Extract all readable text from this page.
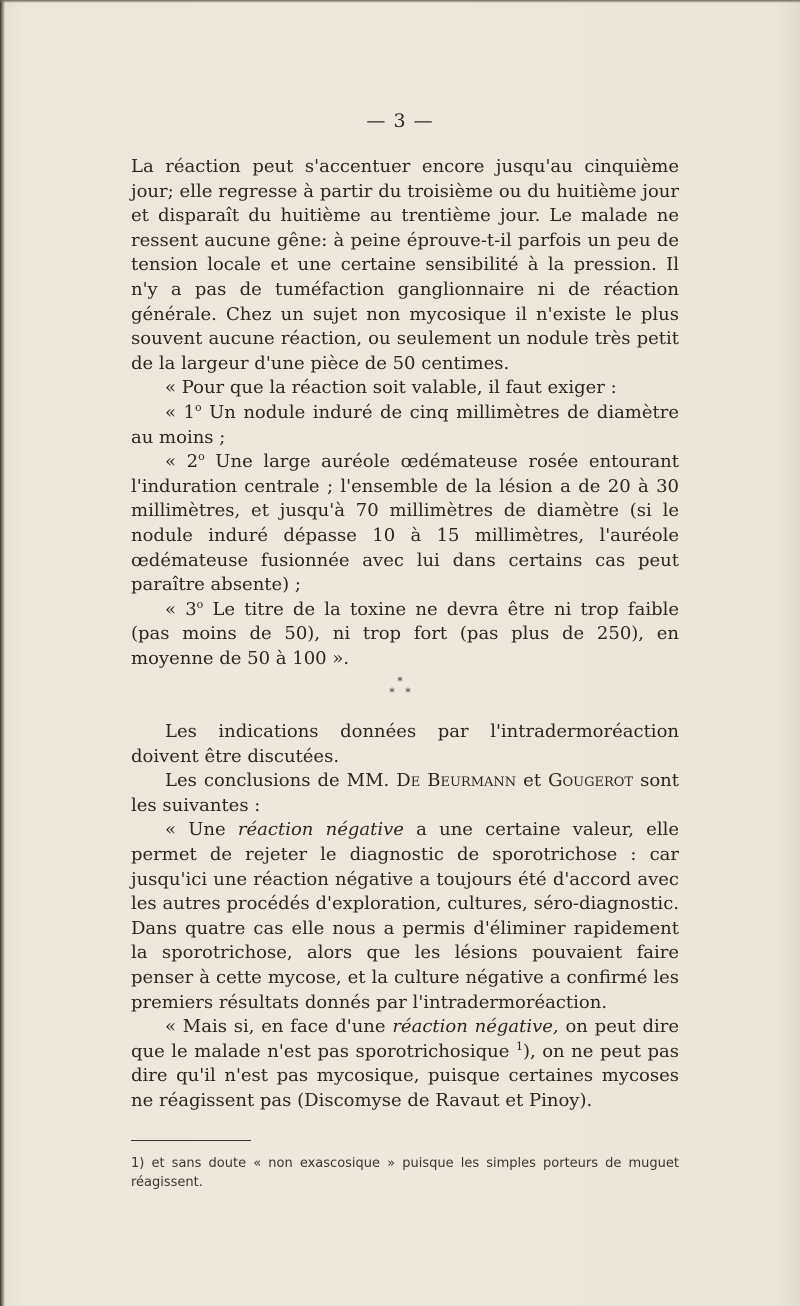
— 3 —

La réaction peut s'accentuer encore jusqu'au cinquième jour; elle regresse à partir du troisième ou du huitième jour et disparaît du huitième au trentième jour. Le malade ne ressent aucune gêne: à peine éprouve-t-il parfois un peu de tension locale et une certaine sensibilité à la pression. Il n'y a pas de tuméfaction ganglionnaire ni de réaction générale. Chez un sujet non mycosique il n'existe le plus souvent aucune réaction, ou seulement un nodule très petit de la largeur d'une pièce de 50 centimes.

« Pour que la réaction soit valable, il faut exiger :

« 1$^o$ Un nodule induré de cinq millimètres de diamètre au moins ;

« 2$^o$ Une large auréole œdémateuse rosée entourant l'induration centrale ; l'ensemble de la lésion a de 20 à 30 millimètres, et jusqu'à 70 millimètres de diamètre (si le nodule induré dépasse 10 à 15 millimètres, l'auréole œdémateuse fusionnée avec lui dans certains cas peut paraître absente) ;

« 3$^o$ Le titre de la toxine ne devra être ni trop faible (pas moins de 50), ni trop fort (pas plus de 250), en moyenne de 50 à 100 ».

*
*   *

Les indications données par l'intradermoréaction doivent être discutées.

Les conclusions de MM. De Beurmann et Gougerot sont les suivantes :

« Une réaction négative a une certaine valeur, elle permet de rejeter le diagnostic de sporotrichose : car jusqu'ici une réaction négative a toujours été d'accord avec les autres procédés d'exploration, cultures, séro-diagnostic. Dans quatre cas elle nous a permis d'éliminer rapidement la sporotrichose, alors que les lésions pouvaient faire penser à cette mycose, et la culture négative a confirmé les premiers résultats donnés par l'intradermoréaction.

« Mais si, en face d'une réaction négative, on peut dire que le malade n'est pas sporotrichosique $^1$), on ne peut pas dire qu'il n'est pas mycosique, puisque certaines mycoses ne réagissent pas (Discomyse de Ravaut et Pinoy).

1) et sans doute « non exascosique » puisque les simples porteurs de muguet réagissent.
